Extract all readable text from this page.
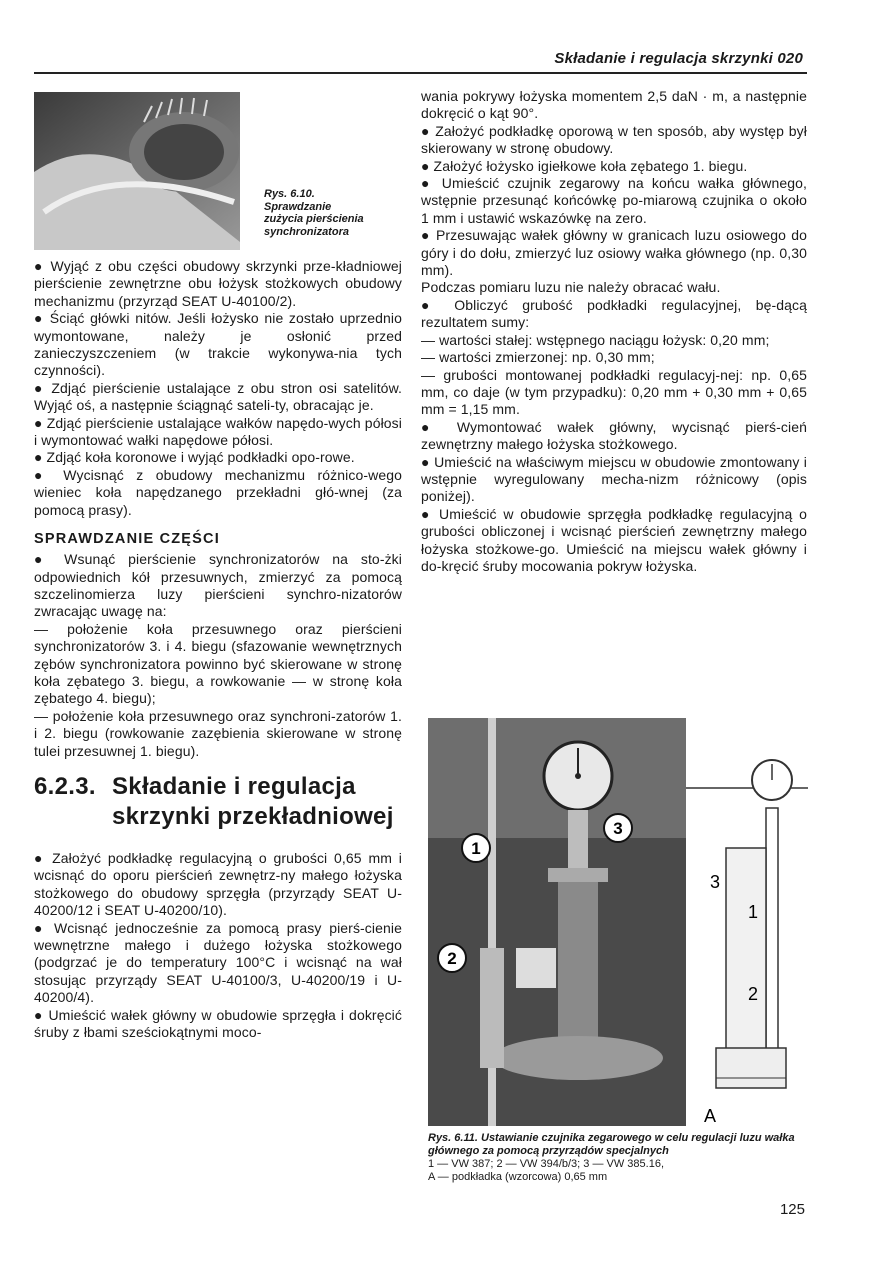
Składanie i regulacja skrzynki 020
Rys. 6.10.
Sprawdzanie
zużycia pierścienia
synchronizatora

● Wyjąć z obu części obudowy skrzynki prze-kładniowej pierścienie zewnętrzne obu łożysk stożkowych obudowy mechanizmu (przyrząd SEAT U-40100/2).

● Ściąć główki nitów. Jeśli łożysko nie zostało uprzednio wymontowane, należy je osłonić przed zanieczyszczeniem (w trakcie wykonywa-nia tych czynności).

● Zdjąć pierścienie ustalające z obu stron osi satelitów. Wyjąć oś, a następnie ściągnąć sateli-ty, obracając je.

● Zdjąć pierścienie ustalające wałków napędo-wych półosi i wymontować wałki napędowe półosi.

● Zdjąć koła koronowe i wyjąć podkładki opo-rowe.

● Wycisnąć z obudowy mechanizmu różnico-wego wieniec koła napędzanego przekładni głó-wnej (za pomocą prasy).

SPRAWDZANIE CZĘŚCI

● Wsunąć pierścienie synchronizatorów na sto-żki odpowiednich kół przesuwnych, zmierzyć za pomocą szczelinomierza luzy pierścieni synchro-nizatorów zwracając uwagę na:

— położenie koła przesuwnego oraz pierścieni synchronizatorów 3. i 4. biegu (sfazowanie wewnętrznych zębów synchronizatora powinno być skierowane w stronę koła zębatego 3. biegu, a rowkowanie — w stronę koła zębatego 4. biegu);

— położenie koła przesuwnego oraz synchroni-zatorów 1. i 2. biegu (rowkowanie zazębienia skierowane w stronę tulei przesuwnej 1. biegu).

6.2.3. Składanie i regulacja
skrzynki przekładniowej

● Założyć podkładkę regulacyjną o grubości 0,65 mm i wcisnąć do oporu pierścień zewnętrz-ny małego łożyska stożkowego do obudowy sprzęgła (przyrządy SEAT U-40200/12 i SEAT U-40200/10).

● Wcisnąć jednocześnie za pomocą prasy pierś-cienie wewnętrzne małego i dużego łożyska stożkowego (podgrzać je do temperatury 100°C i wcisnąć na wał stosując przyrządy SEAT U-40100/3, U-40200/19 i U-40200/4).

● Umieścić wałek główny w obudowie sprzęgła i dokręcić śruby z łbami sześciokątnymi moco-

wania pokrywy łożyska momentem 2,5 daN · m, a następnie dokręcić o kąt 90°.

● Założyć podkładkę oporową w ten sposób, aby występ był skierowany w stronę obudowy.

● Założyć łożysko igiełkowe koła zębatego 1. biegu.

● Umieścić czujnik zegarowy na końcu wałka głównego, wstępnie przesunąć końcówkę po-miarową czujnika o około 1 mm i ustawić wskazówkę na zero.

● Przesuwając wałek główny w granicach luzu osiowego do góry i do dołu, zmierzyć luz osiowy wałka głównego (np. 0,30 mm).

Podczas pomiaru luzu nie należy obracać wału.

● Obliczyć grubość podkładki regulacyjnej, bę-dącą rezultatem sumy:

— wartości stałej: wstępnego naciągu łożysk: 0,20 mm;

— wartości zmierzonej: np. 0,30 mm;

— grubości montowanej podkładki regulacyj-nej: np. 0,65 mm, co daje (w tym przypadku): 0,20 mm + 0,30 mm + 0,65 mm = 1,15 mm.

● Wymontować wałek główny, wycisnąć pierś-cień zewnętrzny małego łożyska stożkowego.

● Umieścić na właściwym miejscu w obudowie zmontowany i wstępnie wyregulowany mecha-nizm różnicowy (opis poniżej).

● Umieścić w obudowie sprzęgła podkładkę regulacyjną o grubości obliczonej i wcisnąć pierścień zewnętrzny małego łożyska stożkowe-go. Umieścić na miejscu wałek główny i do-kręcić śruby mocowania pokryw łożyska.

1
2
3
3
1
2
A
Rys. 6.11. Ustawianie czujnika zegarowego w celu regulacji luzu wałka głównego za pomocą przyrządów specjalnych
1 — VW 387; 2 — VW 394/b/3; 3 — VW 385.16,
A — podkładka (wzorcowa) 0,65 mm
125
